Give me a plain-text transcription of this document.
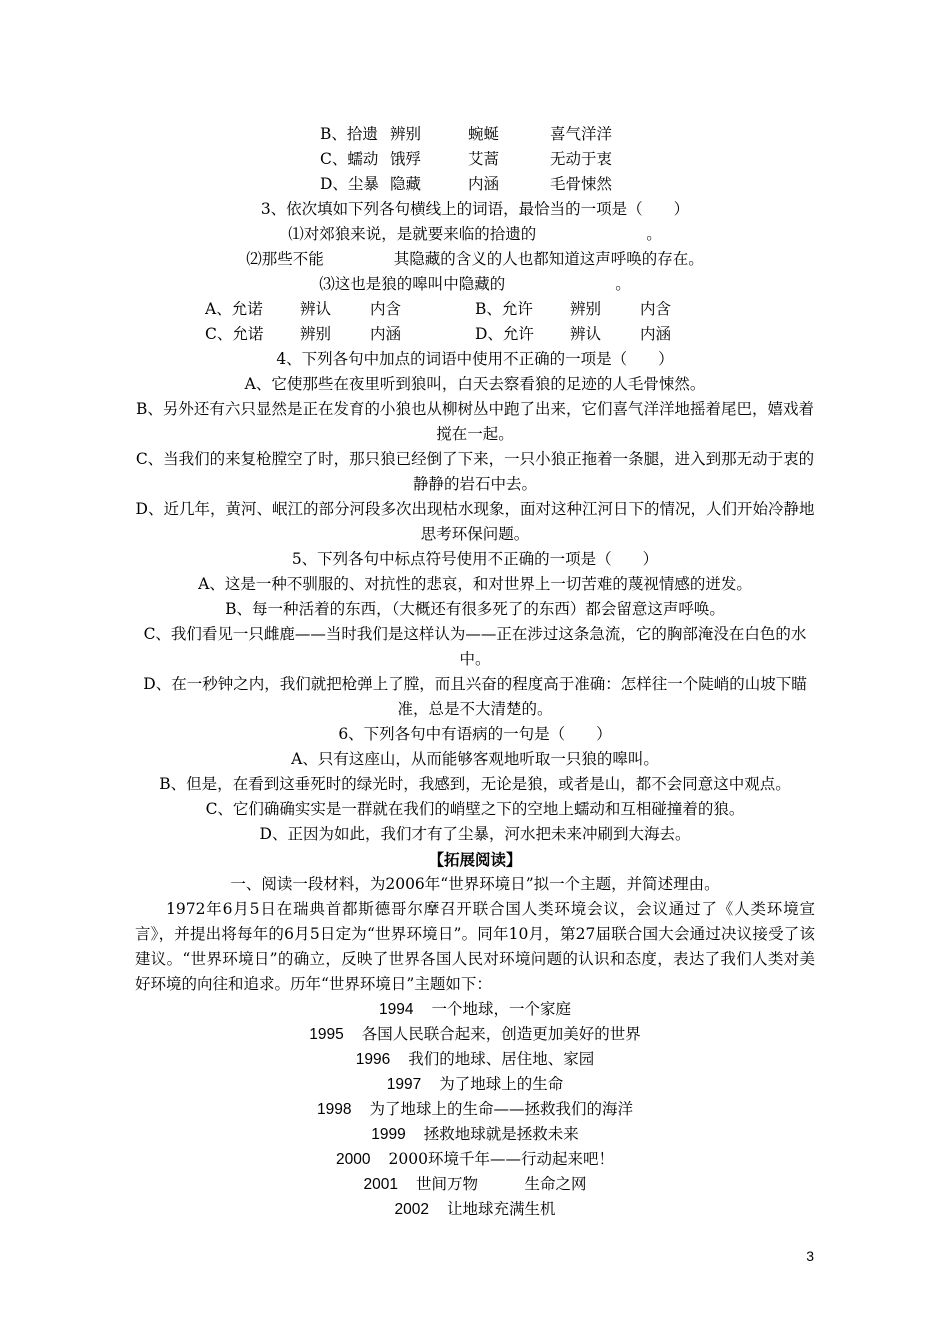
B、拾遗 辨别	蜿蜒	喜气洋洋
C、蠕动 饿殍	艾蒿	无动于衷
D、尘暴 隐藏	内涵	毛骨悚然
3、依次填如下列各句横线上的词语，最恰当的一项是（　　）
⑴对郊狼来说，是就要来临的拾遗的	。
⑵那些不能	其隐藏的含义的人也都知道这声呼唤的存在。
⑶这也是狼的嗥叫中隐藏的	。
A、允诺 辨认	内含	B、允许 辨别	内含
C、允诺 辨别	内涵	D、允许 辨认	内涵
4、下列各句中加点的词语中使用不正确的一项是（　　）
A、它使那些在夜里听到狼叫，白天去察看狼的足迹的人毛骨悚然。
B、另外还有六只显然是正在发育的小狼也从柳树丛中跑了出来，它们喜气洋洋地摇着尾巴，嬉戏着搅在一起。
C、当我们的来复枪膛空了时，那只狼已经倒了下来，一只小狼正拖着一条腿，进入到那无动于衷的静静的岩石中去。
D、近几年，黄河、岷江的部分河段多次出现枯水现象，面对这种江河日下的情况，人们开始冷静地思考环保问题。
5、下列各句中标点符号使用不正确的一项是（　　）
A、这是一种不驯服的、对抗性的悲哀，和对世界上一切苦难的蔑视情感的迸发。
B、每一种活着的东西，（大概还有很多死了的东西）都会留意这声呼唤。
C、我们看见一只雌鹿——当时我们是这样认为——正在涉过这条急流，它的胸部淹没在白色的水中。
D、在一秒钟之内，我们就把枪弹上了膛，而且兴奋的程度高于准确：怎样往一个陡峭的山坡下瞄准，总是不大清楚的。
6、下列各句中有语病的一句是（　　）
A、只有这座山，从而能够客观地听取一只狼的嗥叫。
B、但是，在看到这垂死时的绿光时，我感到，无论是狼，或者是山，都不会同意这中观点。
C、它们确确实实是一群就在我们的峭壁之下的空地上蠕动和互相碰撞着的狼。
D、正因为如此，我们才有了尘暴，河水把未来冲刷到大海去。
【拓展阅读】
一、阅读一段材料，为2006年“世界环境日”拟一个主题，并简述理由。
1972年6月5日在瑞典首都斯德哥尔摩召开联合国人类环境会议，会议通过了《人类环境宣言》，并提出将每年的6月5日定为“世界环境日”。同年10月，第27届联合国大会通过决议接受了该建议。“世界环境日”的确立，反映了世界各国人民对环境问题的认识和态度，表达了我们人类对美好环境的向往和追求。历年“世界环境日”主题如下：
1994 一个地球，一个家庭
1995 各国人民联合起来，创造更加美好的世界
1996 我们的地球、居住地、家园
1997 为了地球上的生命
1998 为了地球上的生命——拯救我们的海洋
1999 拯救地球就是拯救未来
2000 2000环境千年——行动起来吧！
2001 世间万物　　　生命之网
2002 让地球充满生机
3
